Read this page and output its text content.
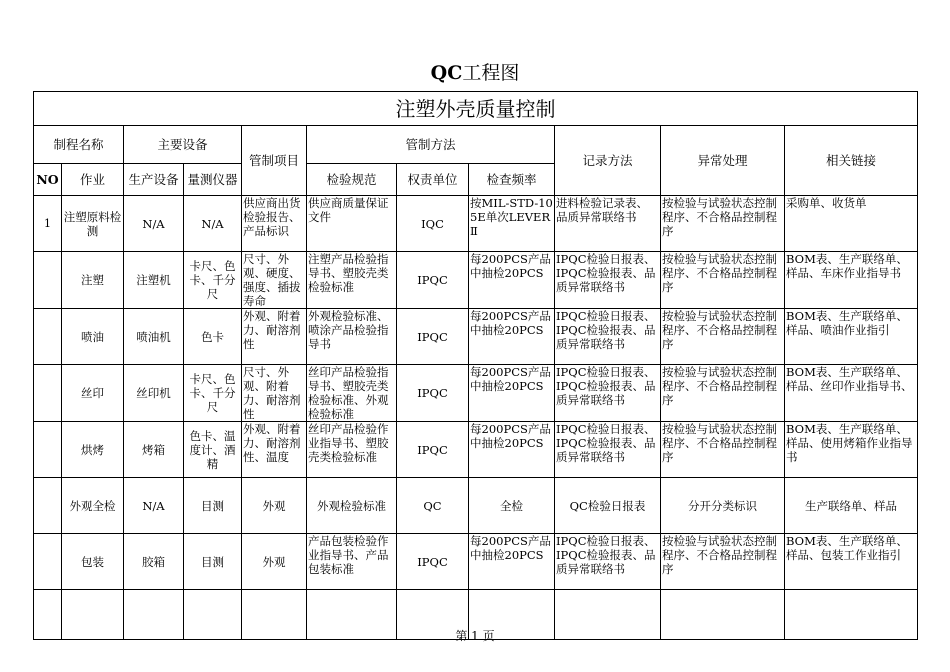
QC工程图
注塑外壳质量控制										
制程名称		主要设备		管制项目	管制方法			记录方法	异常处理	相关链接
NO	作业	生产设备	量测仪器		检验规范	权责单位	检查频率			
1	注塑原料检测	N/A	N/A	供应商出货检验报告、产品标识	供应商质量保证文件	IQC	按MIL-STD-105E单次LEVER Ⅱ	进料检验记录表、品质异常联络书	按检验与试验状态控制程序、不合格品控制程序	采购单、收货单
	注塑	注塑机	卡尺、色卡、千分尺	尺寸、外观、硬度、强度、插拔寿命	注塑产品检验指导书、塑胶壳类检验标准	IPQC	每200PCS产品中抽检20PCS	IPQC检验日报表、IPQC检验报表、品质异常联络书	按检验与试验状态控制程序、不合格品控制程序	BOM表、生产联络单、样品、车床作业指导书
	喷油	喷油机	色卡	外观、附着力、耐溶剂性	外观检验标准、喷涂产品检验指导书	IPQC	每200PCS产品中抽检20PCS	IPQC检验日报表、IPQC检验报表、品质异常联络书	按检验与试验状态控制程序、不合格品控制程序	BOM表、生产联络单、样品、喷油作业指引
	丝印	丝印机	卡尺、色卡、千分尺	尺寸、外观、附着力、耐溶剂性	丝印产品检验指导书、塑胶壳类检验标准、外观检验标准	IPQC	每200PCS产品中抽检20PCS	IPQC检验日报表、IPQC检验报表、品质异常联络书	按检验与试验状态控制程序、不合格品控制程序	BOM表、生产联络单、样品、丝印作业指导书、
	烘烤	烤箱	色卡、温度计、酒精	外观、附着力、耐溶剂性、温度	丝印产品检验作业指导书、塑胶壳类检验标准	IPQC	每200PCS产品中抽检20PCS	IPQC检验日报表、IPQC检验报表、品质异常联络书	按检验与试验状态控制程序、不合格品控制程序	BOM表、生产联络单、样品、使用烤箱作业指导书
	外观全检	N/A	目测	外观	外观检验标准	QC	全检	QC检验日报表	分开分类标识	生产联络单、样品
	包装	胶箱	目测	外观	产品包装检验作业指导书、产品包装标准	IPQC	每200PCS产品中抽检20PCS	IPQC检验日报表、IPQC检验报表、品质异常联络书	按检验与试验状态控制程序、不合格品控制程序	BOM表、生产联络单、样品、包装工作业指引

第 1 页
